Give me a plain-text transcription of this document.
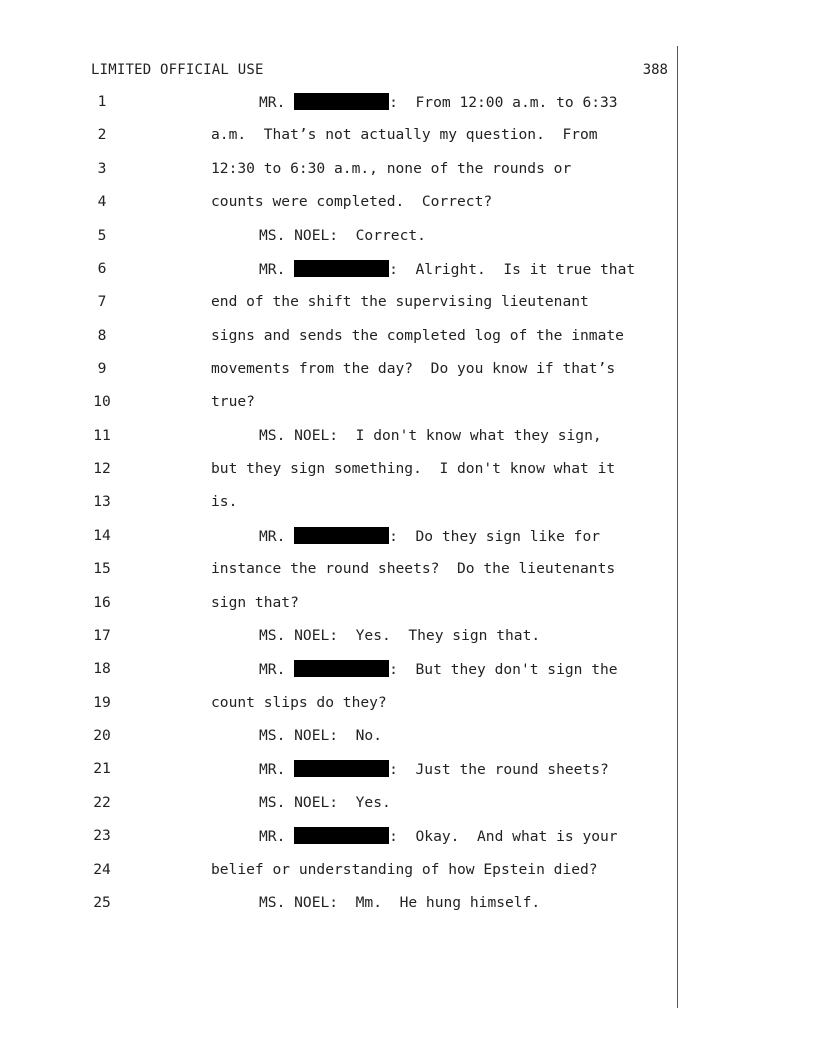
LIMITED OFFICIAL USE	388
1	MR.	:  From 12:00 a.m. to 6:33
2	a.m.  That’s not actually my question.  From
3	12:30 to 6:30 a.m., none of the rounds or
4	counts were completed.  Correct?
5	MS. NOEL:  Correct.
6	MR.	:  Alright.  Is it true that
7	end of the shift the supervising lieutenant
8	signs and sends the completed log of the inmate
9	movements from the day?  Do you know if that’s
10	true?
11	MS. NOEL:  I don't know what they sign,
12	but they sign something.  I don't know what it
13	is.
14	MR.	:  Do they sign like for
15	instance the round sheets?  Do the lieutenants
16	sign that?
17	MS. NOEL:  Yes.  They sign that.
18	MR.	:  But they don't sign the
19	count slips do they?
20	MS. NOEL:  No.
21	MR.	:  Just the round sheets?
22	MS. NOEL:  Yes.
23	MR.	:  Okay.  And what is your
24	belief or understanding of how Epstein died?
25	MS. NOEL:  Mm.  He hung himself.
